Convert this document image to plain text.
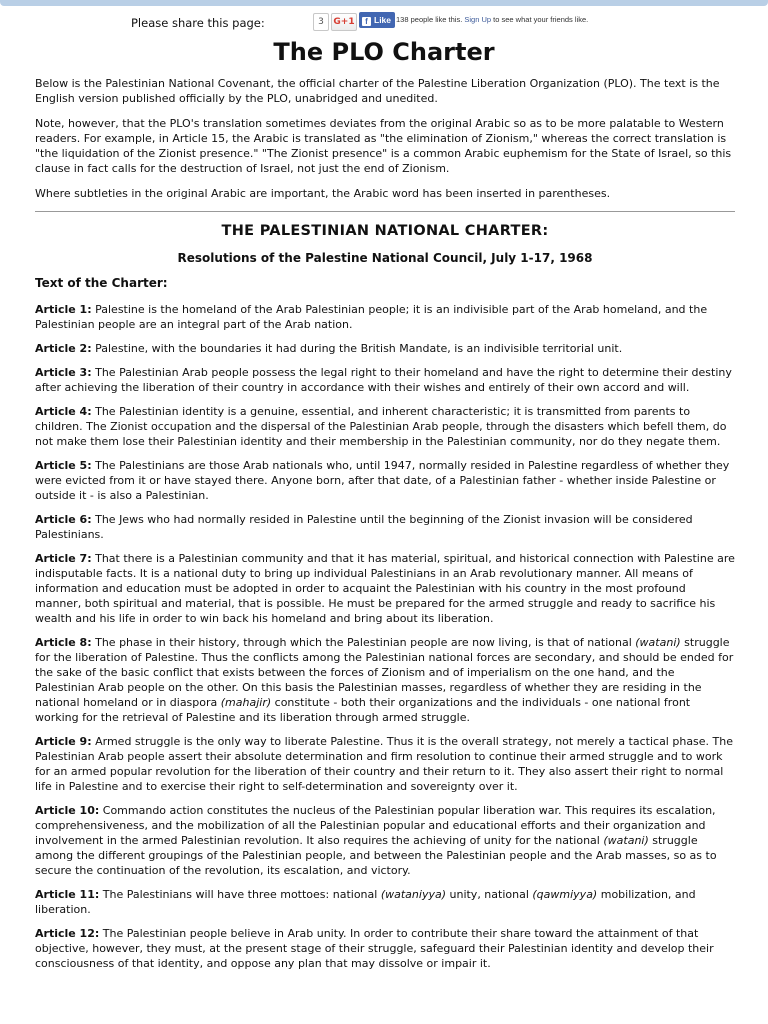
Please share this page:	3	G+1	f Like 138 people like this. Sign Up to see what your friends like.
The PLO Charter

Below is the Palestinian National Covenant, the official charter of the Palestine Liberation Organization (PLO). The text is the English version published officially by the PLO, unabridged and unedited.

Note, however, that the PLO's translation sometimes deviates from the original Arabic so as to be more palatable to Western readers. For example, in Article 15, the Arabic is translated as "the elimination of Zionism," whereas the correct translation is "the liquidation of the Zionist presence." "The Zionist presence" is a common Arabic euphemism for the State of Israel, so this clause in fact calls for the destruction of Israel, not just the end of Zionism.

Where subtleties in the original Arabic are important, the Arabic word has been inserted in parentheses.

THE PALESTINIAN NATIONAL CHARTER:

Resolutions of the Palestine National Council, July 1-17, 1968

Text of the Charter:

Article 1: Palestine is the homeland of the Arab Palestinian people; it is an indivisible part of the Arab homeland, and the Palestinian people are an integral part of the Arab nation.

Article 2: Palestine, with the boundaries it had during the British Mandate, is an indivisible territorial unit.

Article 3: The Palestinian Arab people possess the legal right to their homeland and have the right to determine their destiny after achieving the liberation of their country in accordance with their wishes and entirely of their own accord and will.

Article 4: The Palestinian identity is a genuine, essential, and inherent characteristic; it is transmitted from parents to children. The Zionist occupation and the dispersal of the Palestinian Arab people, through the disasters which befell them, do not make them lose their Palestinian identity and their membership in the Palestinian community, nor do they negate them.

Article 5: The Palestinians are those Arab nationals who, until 1947, normally resided in Palestine regardless of whether they were evicted from it or have stayed there. Anyone born, after that date, of a Palestinian father - whether inside Palestine or outside it - is also a Palestinian.

Article 6: The Jews who had normally resided in Palestine until the beginning of the Zionist invasion will be considered Palestinians.

Article 7: That there is a Palestinian community and that it has material, spiritual, and historical connection with Palestine are indisputable facts. It is a national duty to bring up individual Palestinians in an Arab revolutionary manner. All means of information and education must be adopted in order to acquaint the Palestinian with his country in the most profound manner, both spiritual and material, that is possible. He must be prepared for the armed struggle and ready to sacrifice his wealth and his life in order to win back his homeland and bring about its liberation.

Article 8: The phase in their history, through which the Palestinian people are now living, is that of national (watani) struggle for the liberation of Palestine. Thus the conflicts among the Palestinian national forces are secondary, and should be ended for the sake of the basic conflict that exists between the forces of Zionism and of imperialism on the one hand, and the Palestinian Arab people on the other. On this basis the Palestinian masses, regardless of whether they are residing in the national homeland or in diaspora (mahajir) constitute - both their organizations and the individuals - one national front working for the retrieval of Palestine and its liberation through armed struggle.

Article 9: Armed struggle is the only way to liberate Palestine. Thus it is the overall strategy, not merely a tactical phase. The Palestinian Arab people assert their absolute determination and firm resolution to continue their armed struggle and to work for an armed popular revolution for the liberation of their country and their return to it. They also assert their right to normal life in Palestine and to exercise their right to self-determination and sovereignty over it.

Article 10: Commando action constitutes the nucleus of the Palestinian popular liberation war. This requires its escalation, comprehensiveness, and the mobilization of all the Palestinian popular and educational efforts and their organization and involvement in the armed Palestinian revolution. It also requires the achieving of unity for the national (watani) struggle among the different groupings of the Palestinian people, and between the Palestinian people and the Arab masses, so as to secure the continuation of the revolution, its escalation, and victory.

Article 11: The Palestinians will have three mottoes: national (wataniyya) unity, national (qawmiyya) mobilization, and liberation.

Article 12: The Palestinian people believe in Arab unity. In order to contribute their share toward the attainment of that objective, however, they must, at the present stage of their struggle, safeguard their Palestinian identity and develop their consciousness of that identity, and oppose any plan that may dissolve or impair it.
